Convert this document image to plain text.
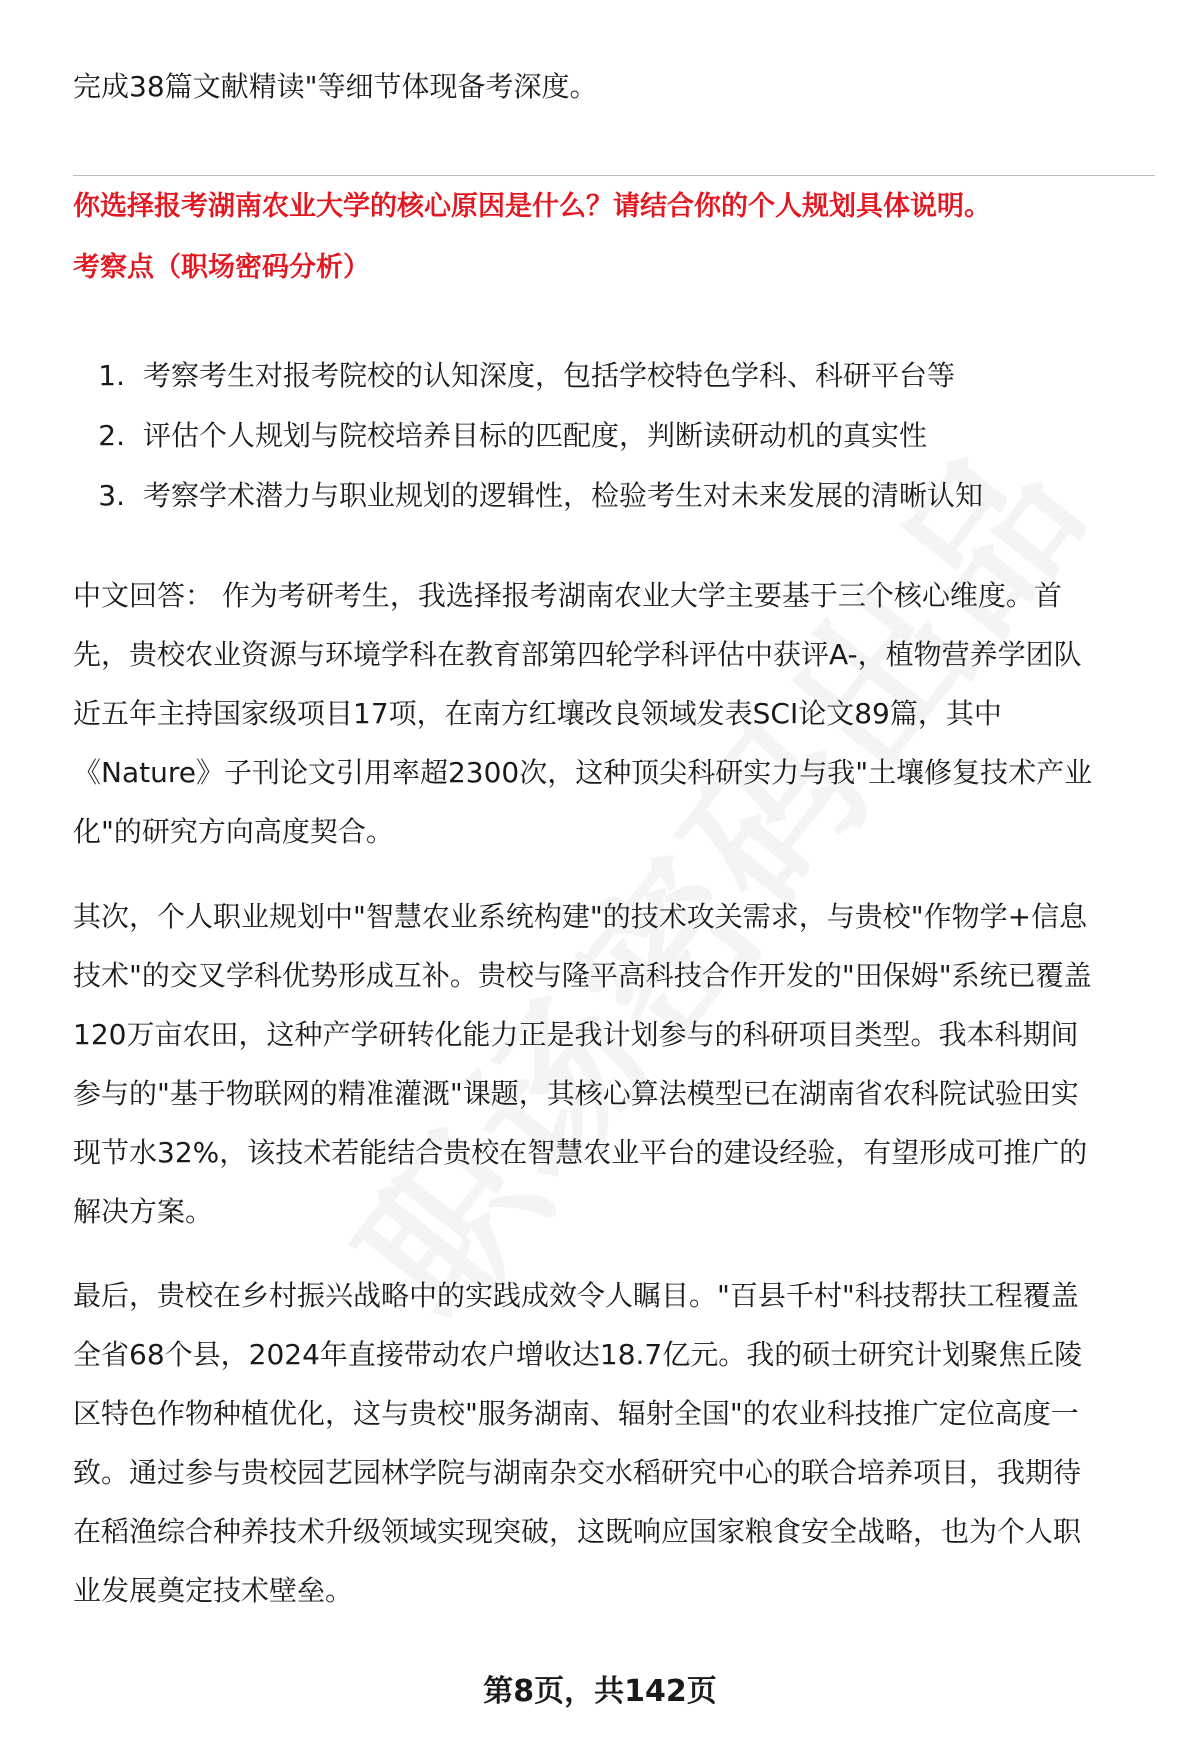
完成38篇文献精读"等细节体现备考深度。

你选择报考湖南农业大学的核心原因是什么？请结合你的个人规划具体说明。

考察点（职场密码分析）

1. 考察考生对报考院校的认知深度，包括学校特色学科、科研平台等
2. 评估个人规划与院校培养目标的匹配度，判断读研动机的真实性
3. 考察学术潜力与职业规划的逻辑性，检验考生对未来发展的清晰认知
中文回答： 作为考研考生，我选择报考湖南农业大学主要基于三个核心维度。首
先，贵校农业资源与环境学科在教育部第四轮学科评估中获评A-，植物营养学团队
近五年主持国家级项目17项，在南方红壤改良领域发表SCI论文89篇，其中
《Nature》子刊论文引用率超2300次，这种顶尖科研实力与我"土壤修复技术产业
化"的研究方向高度契合。
其次，个人职业规划中"智慧农业系统构建"的技术攻关需求，与贵校"作物学+信息
技术"的交叉学科优势形成互补。贵校与隆平高科技合作开发的"田保姆"系统已覆盖
120万亩农田，这种产学研转化能力正是我计划参与的科研项目类型。我本科期间
参与的"基于物联网的精准灌溉"课题，其核心算法模型已在湖南省农科院试验田实
现节水32%，该技术若能结合贵校在智慧农业平台的建设经验，有望形成可推广的
解决方案。
最后，贵校在乡村振兴战略中的实践成效令人瞩目。"百县千村"科技帮扶工程覆盖
全省68个县，2024年直接带动农户增收达18.7亿元。我的硕士研究计划聚焦丘陵
区特色作物种植优化，这与贵校"服务湖南、辐射全国"的农业科技推广定位高度一
致。通过参与贵校园艺园林学院与湖南杂交水稻研究中心的联合培养项目，我期待
在稻渔综合种养技术升级领域实现突破，这既响应国家粮食安全战略，也为个人职
业发展奠定技术壁垒。
第8页，共142页
